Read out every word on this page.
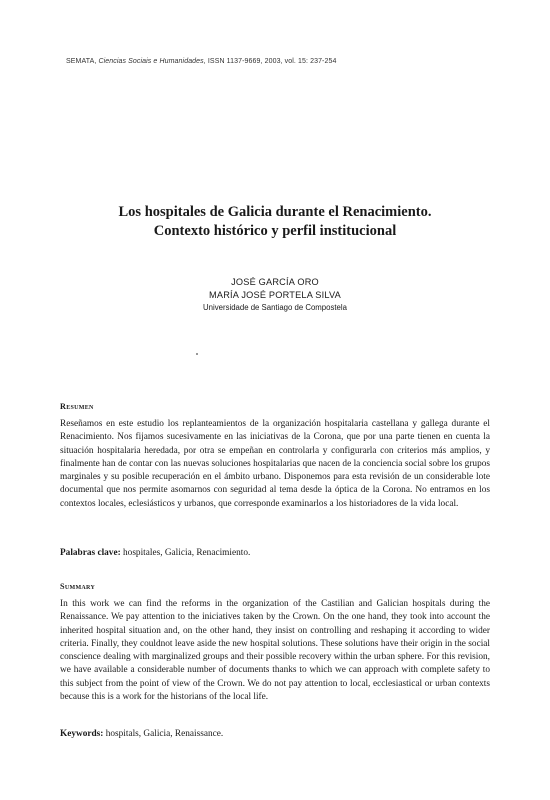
SEMATA, Ciencias Sociais e Humanidades, ISSN 1137-9669, 2003, vol. 15: 237-254
Los hospitales de Galicia durante el Renacimiento.
Contexto histórico y perfil institucional
JOSÉ GARCÍA ORO
MARÍA JOSÉ PORTELA SILVA
Universidade de Santiago de Compostela
Resumen

Reseñamos en este estudio los replanteamientos de la organización hospitalaria castellana y gallega durante el Renacimiento. Nos fijamos sucesivamente en las iniciativas de la Corona, que por una parte tienen en cuenta la situación hospitalaria heredada, por otra se empeñan en controlarla y configurarla con criterios más amplios, y finalmente han de contar con las nuevas soluciones hospitalarias que nacen de la conciencia social sobre los grupos marginales y su posible recuperación en el ámbito urbano. Disponemos para esta revisión de un considerable lote documental que nos permite asomarnos con seguridad al tema desde la óptica de la Corona. No entramos en los contextos locales, eclesiásticos y urbanos, que corresponde examinarlos a los historiadores de la vida local.

Palabras clave: hospitales, Galicia, Renacimiento.
Summary

In this work we can find the reforms in the organization of the Castilian and Galician hospitals during the Renaissance. We pay attention to the iniciatives taken by the Crown. On the one hand, they took into account the inherited hospital situation and, on the other hand, they insist on controlling and reshaping it according to wider criteria. Finally, they couldnot leave aside the new hospital solutions. These solutions have their origin in the social conscience dealing with marginalized groups and their possible recovery within the urban sphere. For this revision, we have available a considerable number of documents thanks to which we can approach with complete safety to this subject from the point of view of the Crown. We do not pay attention to local, ecclesiastical or urban contexts because this is a work for the historians of the local life.

Keywords: hospitals, Galicia, Renaissance.
